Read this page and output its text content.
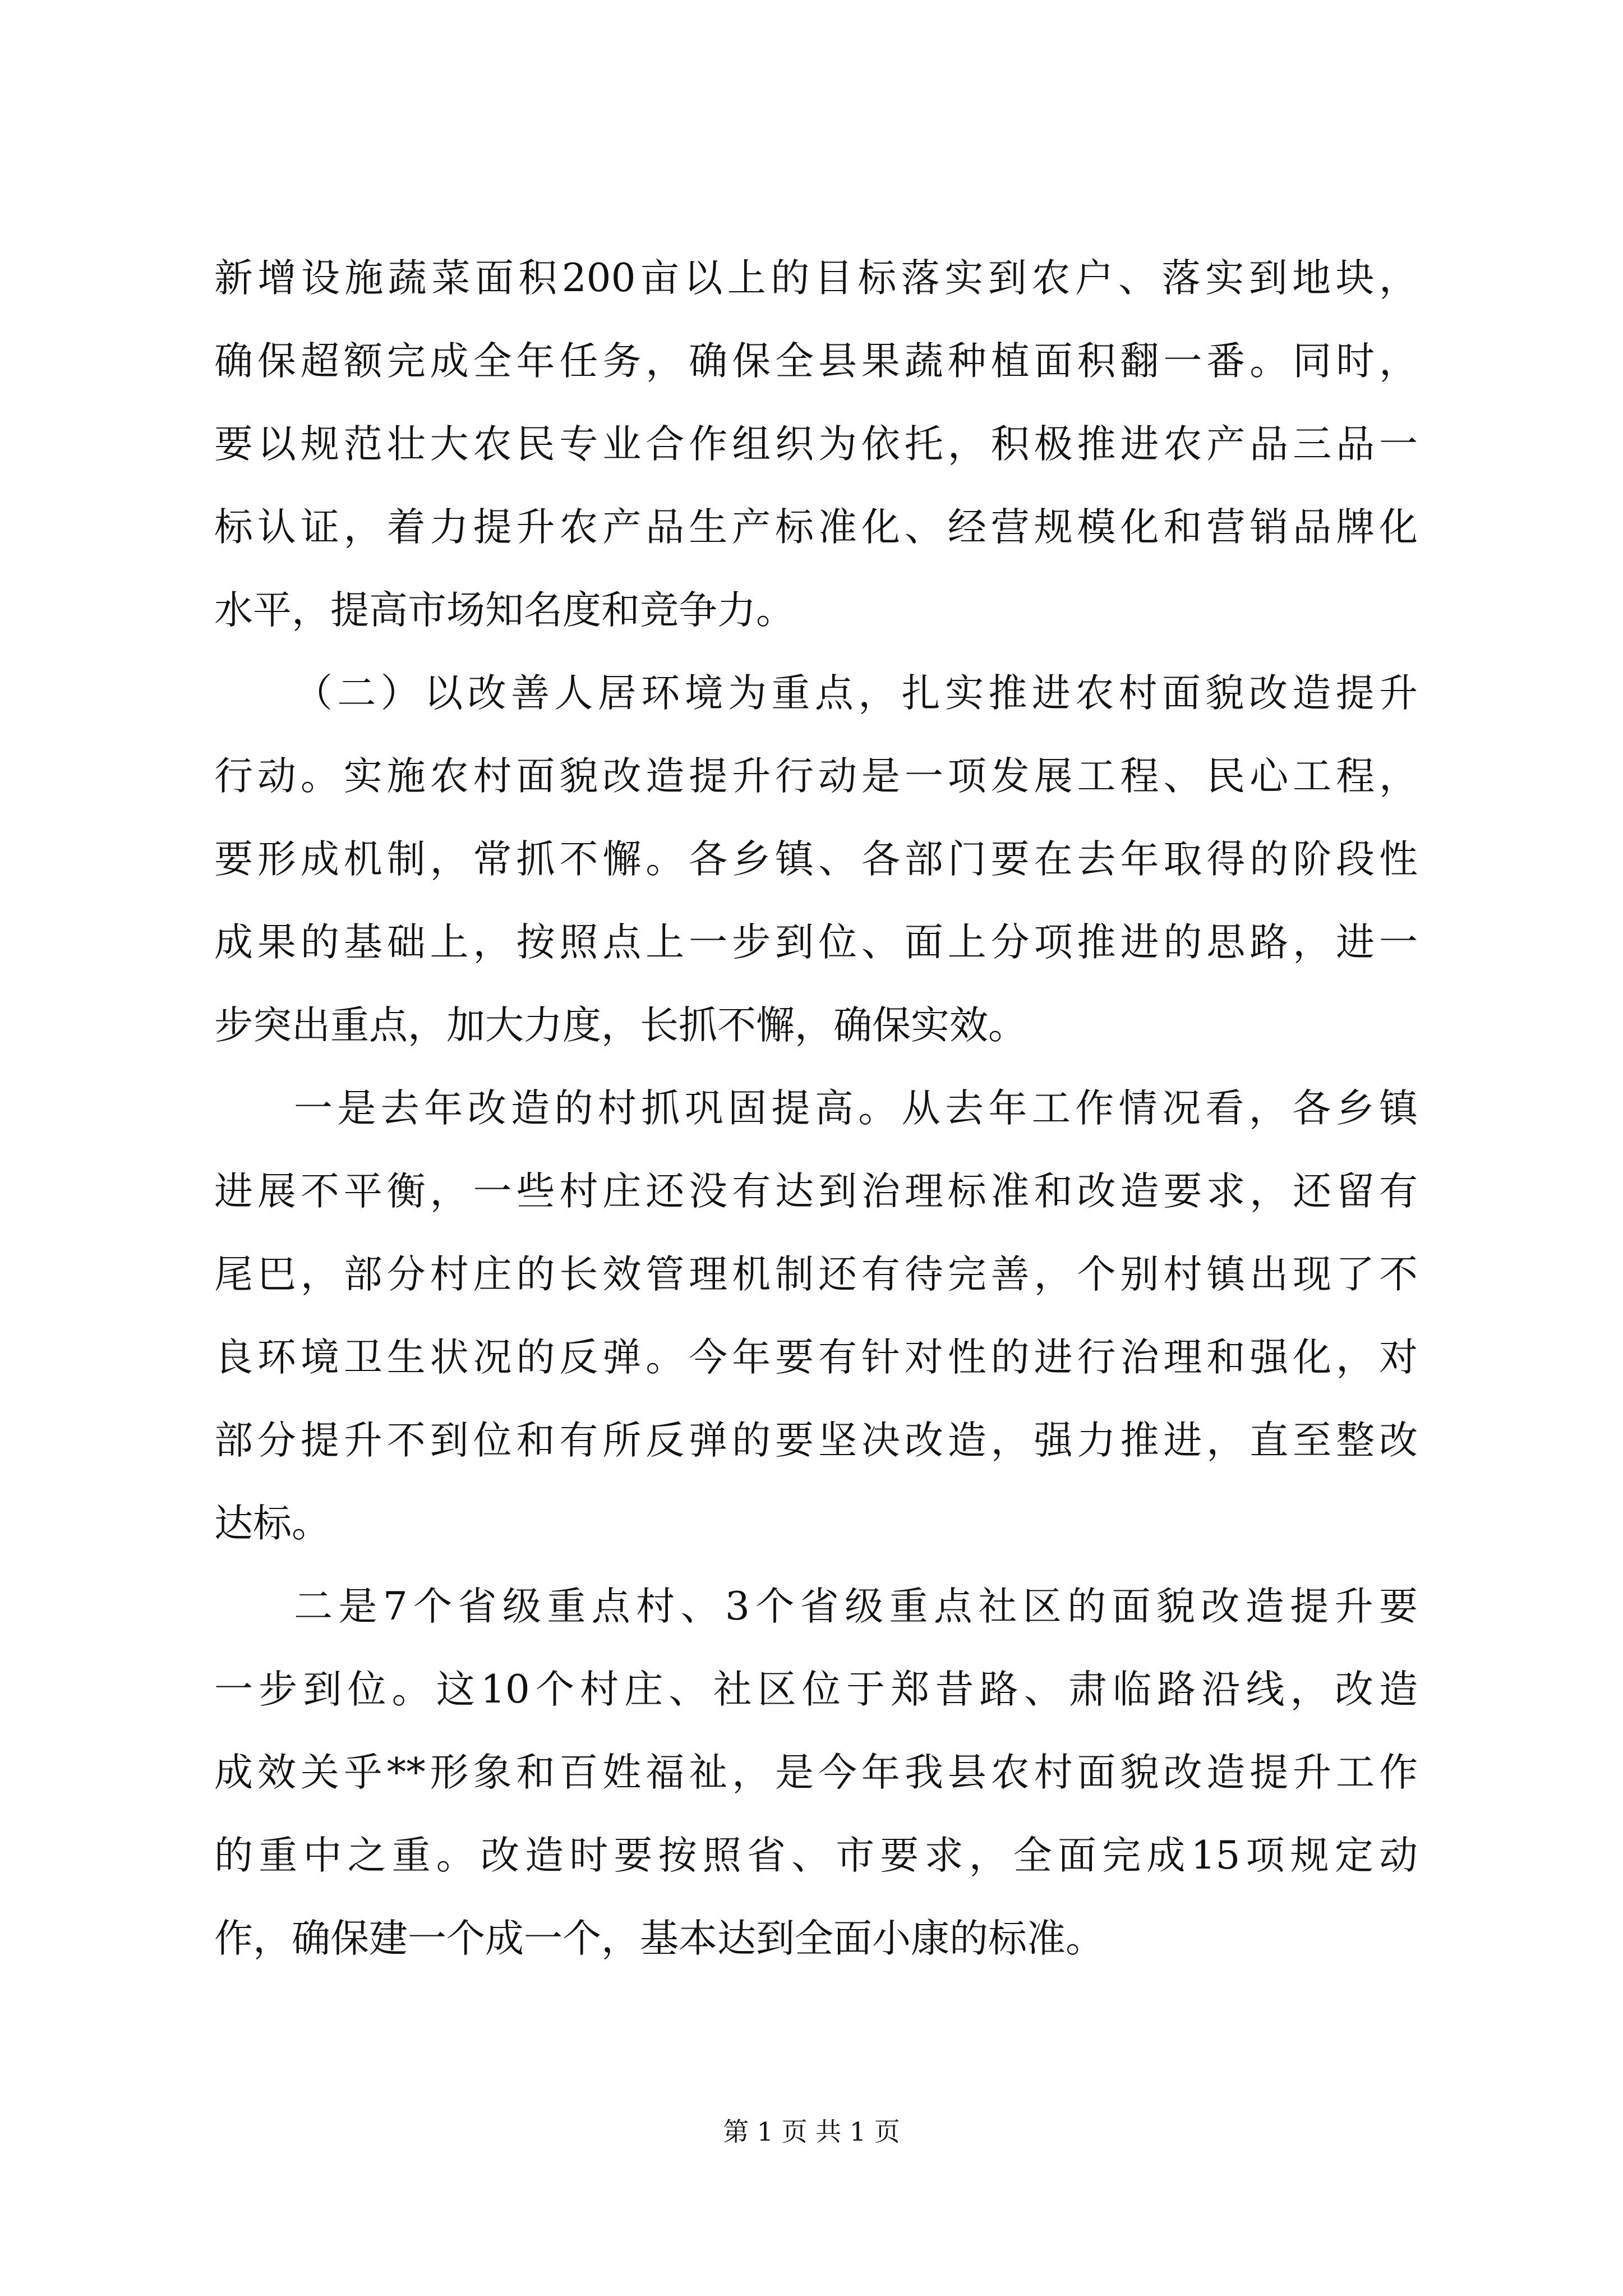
新增设施蔬菜面积200亩以上的目标落实到农户、落实到地块，
确保超额完成全年任务，确保全县果蔬种植面积翻一番。同时，
要以规范壮大农民专业合作组织为依托，积极推进农产品三品一
标认证，着力提升农产品生产标准化、经营规模化和营销品牌化
水平，提高市场知名度和竞争力。
（二）以改善人居环境为重点，扎实推进农村面貌改造提升
行动。实施农村面貌改造提升行动是一项发展工程、民心工程，
要形成机制，常抓不懈。各乡镇、各部门要在去年取得的阶段性
成果的基础上，按照点上一步到位、面上分项推进的思路，进一
步突出重点，加大力度，长抓不懈，确保实效。
一是去年改造的村抓巩固提高。从去年工作情况看，各乡镇
进展不平衡，一些村庄还没有达到治理标准和改造要求，还留有
尾巴，部分村庄的长效管理机制还有待完善，个别村镇出现了不
良环境卫生状况的反弹。今年要有针对性的进行治理和强化，对
部分提升不到位和有所反弹的要坚决改造，强力推进，直至整改
达标。
二是7个省级重点村、3个省级重点社区的面貌改造提升要
一步到位。这10个村庄、社区位于郑昔路、肃临路沿线，改造
成效关乎**形象和百姓福祉，是今年我县农村面貌改造提升工作
的重中之重。改造时要按照省、市要求，全面完成15项规定动
作，确保建一个成一个，基本达到全面小康的标准。
第 1 页 共 1 页
